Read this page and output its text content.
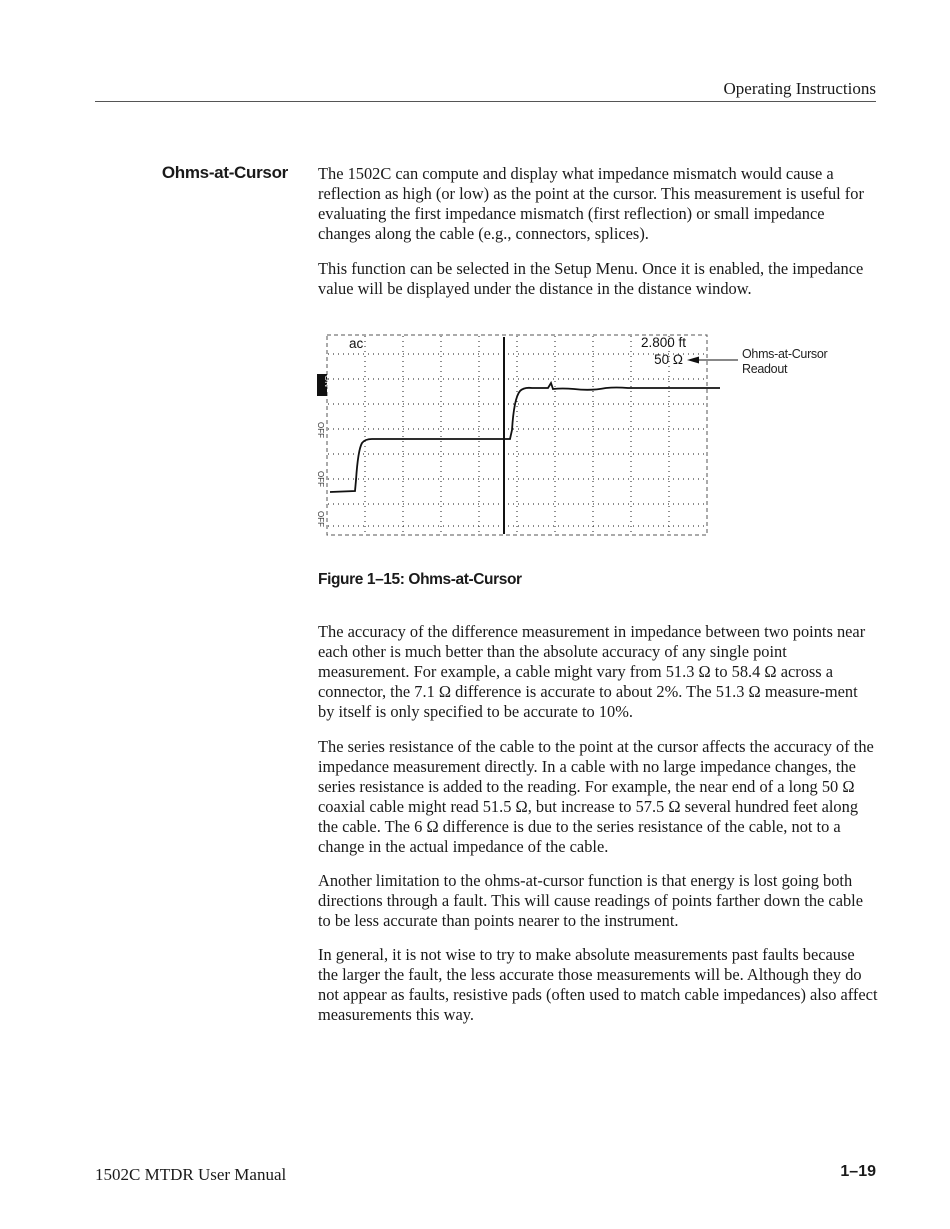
Operating Instructions
Ohms-at-Cursor The 1502C can compute and display what impedance mismatch would cause a reflection as high (or low) as the point at the cursor. This measurement is useful for evaluating the first impedance mismatch (first reflection) or small impedance changes along the cable (e.g., connectors, splices).

This function can be selected in the Setup Menu. Once it is enabled, the impedance value will be displayed under the distance in the distance window.

ac	2.800 ft
50 Ω	Ohms-at-Cursor
Readout
ON
OFF
OFF
OFF
Figure 1–15: Ohms-at-Cursor

The accuracy of the difference measurement in impedance between two points near each other is much better than the absolute accuracy of any single point measurement. For example, a cable might vary from 51.3 Ω to 58.4 Ω across a connector, the 7.1 Ω difference is accurate to about 2%. The 51.3 Ω measure-ment by itself is only specified to be accurate to 10%.

The series resistance of the cable to the point at the cursor affects the accuracy of the impedance measurement directly. In a cable with no large impedance changes, the series resistance is added to the reading. For example, the near end of a long 50 Ω coaxial cable might read 51.5 Ω, but increase to 57.5 Ω several hundred feet along the cable. The 6 Ω difference is due to the series resistance of the cable, not to a change in the actual impedance of the cable.

Another limitation to the ohms-at-cursor function is that energy is lost going both directions through a fault. This will cause readings of points farther down the cable to be less accurate than points nearer to the instrument.

In general, it is not wise to try to make absolute measurements past faults because the larger the fault, the less accurate those measurements will be. Although they do not appear as faults, resistive pads (often used to match cable impedances) also affect measurements this way.

1502C MTDR User Manual	1–19
